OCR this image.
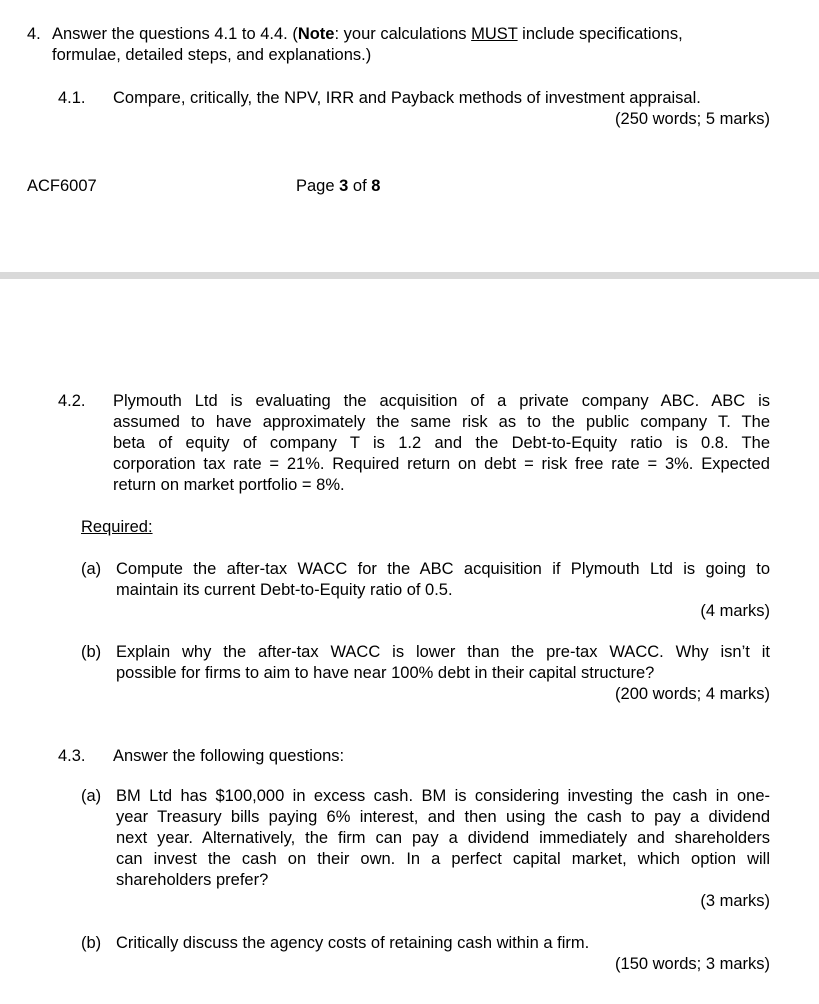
4. Answer the questions 4.1 to 4.4. (Note: your calculations MUST include specifications,
formulae, detailed steps, and explanations.)
4.1. Compare, critically, the NPV, IRR and Payback methods of investment appraisal.
(250 words; 5 marks)
ACF6007	Page 3 of 8
4.2. Plymouth Ltd is evaluating the acquisition of a private company ABC. ABC is
assumed to have approximately the same risk as to the public company T. The
beta of equity of company T is 1.2 and the Debt-to-Equity ratio is 0.8. The
corporation tax rate = 21%. Required return on debt = risk free rate = 3%. Expected
return on market portfolio = 8%.
Required:
(a) Compute the after-tax WACC for the ABC acquisition if Plymouth Ltd is going to
maintain its current Debt-to-Equity ratio of 0.5.
(4 marks)
(b) Explain why the after-tax WACC is lower than the pre-tax WACC. Why isn’t it
possible for firms to aim to have near 100% debt in their capital structure?
(200 words; 4 marks)
4.3. Answer the following questions:
(a) BM Ltd has $100,000 in excess cash. BM is considering investing the cash in one-
year Treasury bills paying 6% interest, and then using the cash to pay a dividend
next year. Alternatively, the firm can pay a dividend immediately and shareholders
can invest the cash on their own. In a perfect capital market, which option will
shareholders prefer?
(3 marks)
(b) Critically discuss the agency costs of retaining cash within a firm.
(150 words; 3 marks)
